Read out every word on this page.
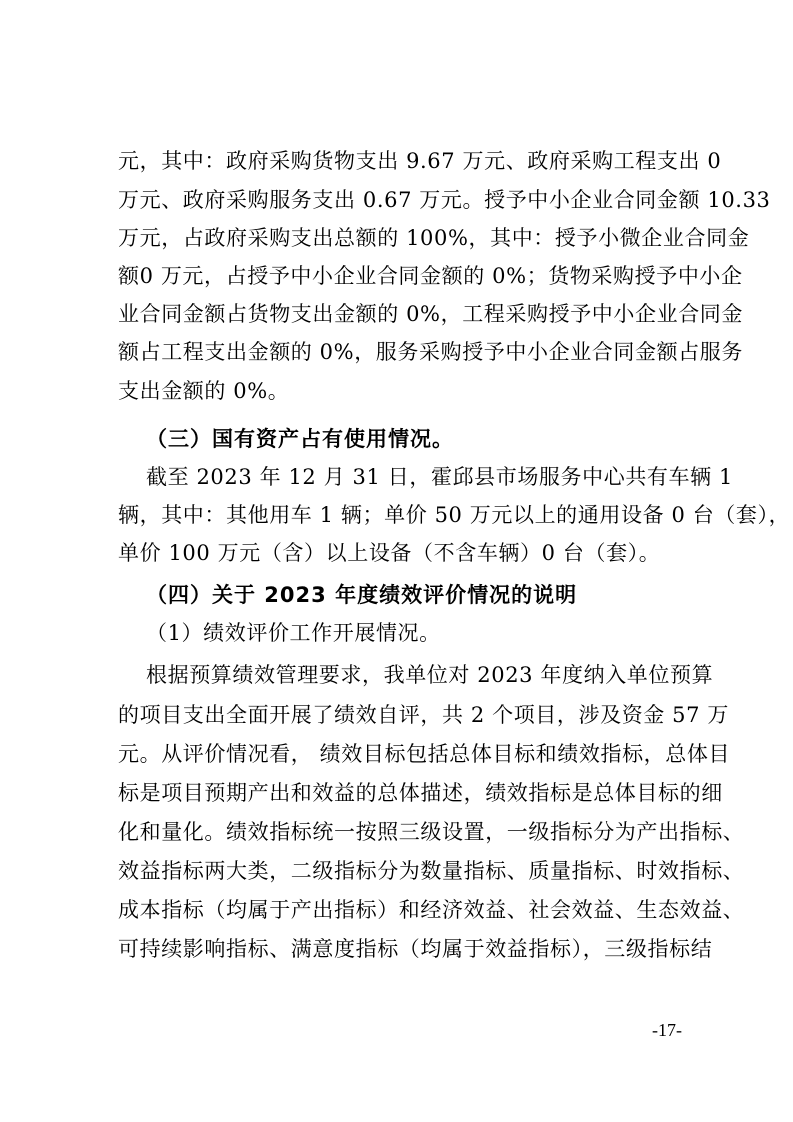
元，其中：政府采购货物支出 9.67 万元、政府采购工程支出 0
万元、政府采购服务支出 0.67 万元。授予中小企业合同金额 10.33
万元，占政府采购支出总额的 100%，其中：授予小微企业合同金
额0 万元，占授予中小企业合同金额的 0%；货物采购授予中小企
业合同金额占货物支出金额的 0%，工程采购授予中小企业合同金
额占工程支出金额的 0%，服务采购授予中小企业合同金额占服务
支出金额的 0%。
（三）国有资产占有使用情况。
截至 2023 年 12 月 31 日，霍邱县市场服务中心共有车辆 1
辆，其中：其他用车 1 辆；单价 50 万元以上的通用设备 0 台（套），
单价 100 万元（含）以上设备（不含车辆）0 台（套）。
（四）关于 2023 年度绩效评价情况的说明
（1）绩效评价工作开展情况。
根据预算绩效管理要求，我单位对 2023 年度纳入单位预算
的项目支出全面开展了绩效自评，共 2 个项目，涉及资金 57 万
元。从评价情况看， 绩效目标包括总体目标和绩效指标，总体目
标是项目预期产出和效益的总体描述，绩效指标是总体目标的细
化和量化。绩效指标统一按照三级设置，一级指标分为产出指标、
效益指标两大类，二级指标分为数量指标、质量指标、时效指标、
成本指标（均属于产出指标）和经济效益、社会效益、生态效益、
可持续影响指标、满意度指标（均属于效益指标），三级指标结
-17-
